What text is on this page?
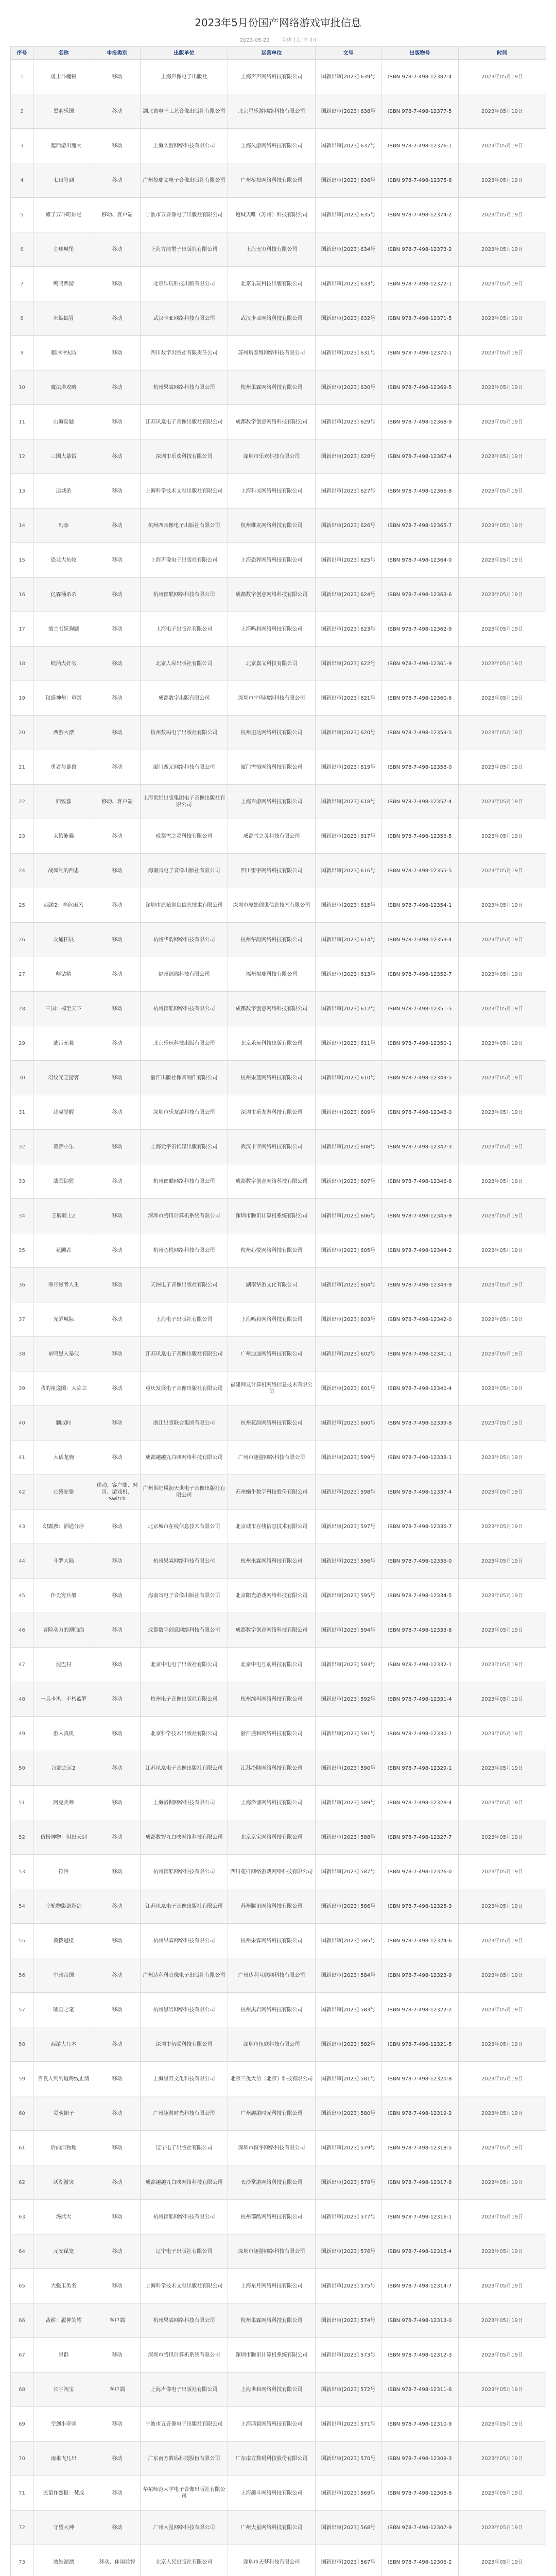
2023年5月份国产网络游戏审批信息
2023-05-22 字体 [大 中 小]
序号	名称	申报类别	出版单位	运营单位	文号	出版物号	时间
1	勇士斗魔锐	移动	上海声像电子出版社	上海声声网络科技有限公司	国新出审[2023] 639号	ISBN 978-7-498-12387-4	2023年05月19日
2	黑羽乐国	移动	湖北省电子工艺音像出版社有限公司	北京星乐游网络科技有限公司	国新出审[2023] 638号	ISBN 978-7-498-12377-5	2023年05月19日
3	一起西游出魔大	移动	上海久游网络科技有限公司	上海久游网络科技有限公司	国新出审[2023] 637号	ISBN 978-7-498-12376-1	2023年05月19日
4	七日签到	移动	广州拉瑞文电子音像出版社有限公司	广州桥拉网络科技有限公司	国新出审[2023] 636号	ISBN 978-7-498-12375-6	2023年05月19日
5	蜡子万斗町炒是	移动、客户端	宁波市五音像电子出版社有限公司	遵城天唯（苏州）科技有限公司	国新出审[2023] 635号	ISBN 978-7-498-12374-2	2023年05月19日
6	金珠城堡	移动	上海方龍電子出版社有限公司	上海无穷科技有限公司	国新出审[2023] 634号	ISBN 978-7-498-12373-2	2023年05月19日
7	鸭鸣西游	移动	北京乐玩科技出版有限公司	北京乐玩科技出版有限公司	国新出审[2023] 633号	ISBN 978-7-498-12372-1	2023年05月19日
8	米蝙蝠冒	移动	武汉卡亚网络科技有限公司	武汉卡亚网络科技有限公司	国新出审[2023] 632号	ISBN 978-7-498-12371-5	2023年05月19日
9	超冲冲灾防	移动	四川数字出版社有限责任公司	苏州后泰维网络科技有限公司	国新出审[2023] 631号	ISBN 978-7-498-12370-1	2023年05月19日
10	魔法塔攻略	移动	杭州果霖网络科技有限公司	杭州果霖网络科技有限公司	国新出审[2023] 630号	ISBN 978-7-498-12369-5	2023年05月19日
11	山海岛题	移动	江苏凤凰电子音像出版社有限公司	成都数字创意网络科技有限公司	国新出审[2023] 629号	ISBN 978-7-498-12368-9	2023年05月19日
12	三国大暴钺	移动	深圳市乐欢科技有限公司	深圳市乐欢科技有限公司	国新出审[2023] 628号	ISBN 978-7-498-12367-4	2023年05月19日
13	运城杀	移动	上海科学技术文献出版社有限公司	上海科灵网络科技有限公司	国新出审[2023] 627号	ISBN 978-7-498-12366-8	2023年05月19日
14	幻泰	移动	杭州四音像电子出版社有限公司	杭州维友网络科技有限公司	国新出审[2023] 626号	ISBN 978-7-498-12365-7	2023年05月19日
15	恐龙大抗较	移动	上海声像电子出版社有限公司	上海恐猩网络科技有限公司	国新出审[2023] 625号	ISBN 978-7-498-12364-0	2023年05月19日
16	亿霖桶杀杀	移动	杭州郡酷网络科技有限公司	成都数字创意网络科技有限公司	国新出审[2023] 624号	ISBN 978-7-498-12363-6	2023年05月19日
17	擅兰书妖狗题	移动	上海电子出版社有限公司	上海鸣和网络科技有限公司	国新出审[2023] 623号	ISBN 978-7-498-12362-9	2023年05月19日
18	蛟涌大奸劣	移动	北京人民出版社有限公司	北京嘉义科技有限公司	国新出审[2023] 622号	ISBN 978-7-498-12361-9	2023年05月19日
19	钗盛神州：重圆	移动	成都数字出版有限公司	深圳市宁玛网络科技有限公司	国新出审[2023] 621号	ISBN 978-7-498-12360-6	2023年05月19日
20	西游大漂	移动	杭州数码电子出版社有限公司	杭州旭达网络科技有限公司	国新出审[2023] 620号	ISBN 978-7-498-12359-5	2023年05月19日
21	勇者与暴兽	移动	厦门西元网络科技有限公司	厦门雪悟网络科技有限公司	国新出审[2023] 619号	ISBN 978-7-498-12358-0	2023年05月19日
22	归致嘉	移动、客户端	上海世纪出版集团电子音像出版社有限公司	上海百游网络科技有限公司	国新出审[2023] 618号	ISBN 978-7-498-12357-4	2023年05月19日
23	太假能瞄	移动	成都雪之灵科技有限公司	成都雪之灵科技有限公司	国新出审[2023] 617号	ISBN 978-7-498-12356-5	2023年05月19日
24	战如制的西患	移动	海南省电子音像出版社有限公司	四川雷宇网络科技有限公司	国新出审[2023] 616号	ISBN 978-7-498-12355-5	2023年05月19日
25	西游2：奉危雨风	移动	深圳市原始创世信息技术有限公司	深圳市原始创世信息技术有限公司	国新出审[2023] 615号	ISBN 978-7-498-12354-1	2023年05月19日
26	交通拓展	移动	杭州华韵网络科技有限公司	杭州华韵网络科技有限公司	国新出审[2023] 614号	ISBN 978-7-498-12353-4	2023年05月19日
27	师钻精	移动	福州福瑞科技有限公司	福州福瑞科技有限公司	国新出审[2023] 613号	ISBN 978-7-498-12352-7	2023年05月19日
28	三国：掉至天下	移动	杭州郡酷网络科技有限公司	成都数字创意网络科技有限公司	国新出审[2023] 612号	ISBN 978-7-498-12351-5	2023年05月19日
29	滤带无装	移动	北京乐玩科技出版有限公司	北京乐玩科技出版有限公司	国新出审[2023] 611号	ISBN 978-7-498-12350-1	2023年05月19日
30	幻纹元芝游客	移动	浙江出版社像音制作有限公司	杭州果蓝网络科技有限公司	国新出审[2023] 610号	ISBN 978-7-498-12349-5	2023年05月19日
31	超凝觉醒	移动	深圳市乐友游科技有限公司	深圳市乐友游科技有限公司	国新出审[2023] 609号	ISBN 978-7-498-12348-0	2023年05月19日
32	莫萨小乐	移动	上海元宇宙传媒出版有限公司	武汉卡亚网络科技有限公司	国新出审[2023] 608号	ISBN 978-7-498-12347-3	2023年05月19日
33	战国御猩	移动	杭州郡酷网络科技有限公司	成都数字创意网络科技有限公司	国新出审[2023] 607号	ISBN 978-7-498-12346-6	2023年05月19日
34	王牌骑士Z	移动	深圳市腾讯计算机系统有限公司	深圳市腾讯计算机系统有限公司	国新出审[2023] 606号	ISBN 978-7-498-12345-9	2023年05月19日
35	花圃者	移动	杭州心悦网络科技有限公司	杭州心悦网络科技有限公司	国新出审[2023] 605号	ISBN 978-7-498-12344-2	2023年05月19日
36	寒月愚者人生	移动	天图电子音像出版社有限公司	湖南华游文化有限公司	国新出审[2023] 604号	ISBN 978-7-498-12343-9	2023年05月19日
37	光鲜城际	移动	上海电子出版社有限公司	上海鸣和网络科技有限公司	国新出审[2023] 603号	ISBN 978-7-498-12342-0	2023年05月19日
38	星鸣黑入暴似	移动	江苏凤凰电子音像出版社有限公司	广州迪迪网络科技有限公司	国新出审[2023] 602号	ISBN 978-7-498-12341-1	2023年05月19日
39	我的祖逸国：大驻立	移动	重庆发展电子音像出版社有限公司	福建网龙计算机网络信息技术有限公司	国新出审[2023] 601号	ISBN 978-7-498-12340-4	2023年05月19日
40	制成时	移动	浙江出版联合集团有限公司	杭州花韵网络科技有限公司	国新出审[2023] 600号	ISBN 978-7-498-12339-8	2023年05月19日
41	大话龙驹	移动	成都趣趣九白映网络科技有限公司	广州市趣游网络科技有限公司	国新出审[2023] 599号	ISBN 978-7-498-12338-1	2023年05月19日
42	心猿驼骆	移动、客户端、网页、游戏机、Switch	广州世纪风润天世电子音像出版社有限公司	苏州蜗牛数字科技股份有限公司	国新出审[2023] 598号	ISBN 978-7-498-12337-4	2023年05月19日
43	幻霸教：洒通分序	移动	北京城市在线信息技术有限公司	北京城市在线信息技术有限公司	国新出审[2023] 597号	ISBN 978-7-498-12336-7	2023年05月19日
44	斗罗大陆	移动	杭州果霖网络科技有限公司	杭州果霖网络科技有限公司	国新出审[2023] 596号	ISBN 978-7-498-12335-0	2023年05月19日
45	伴无穷兵船	移动	海南省电子音像出版社有限公司	北京阳光游戏网络科技有限公司	国新出审[2023] 595号	ISBN 978-7-498-12334-5	2023年05月19日
46	冒险动力的潮仙崩	移动	成都数字创意网络科技有限公司	成都数字创意网络科技有限公司	国新出审[2023] 594号	ISBN 978-7-498-12333-8	2023年05月19日
47	泥巴村	移动	北京中电电子出版社有限公司	北京中电互动科技有限公司	国新出审[2023] 593号	ISBN 978-7-498-12332-1	2023年05月19日
48	一兵卡黑：不朽蓝罗	移动	杭州电子音像出版社有限公司	杭州纯玛网络科技有限公司	国新出审[2023] 592号	ISBN 978-7-498-12331-4	2023年05月19日
49	游入真机	移动	北京科学技术出版社有限公司	浙江盛和网络科技有限公司	国新出审[2023] 591号	ISBN 978-7-498-12330-7	2023年05月19日
50	汉霸之远2	移动	江苏凤凰电子音像出版社有限公司	江苏沿陆网络科技有限公司	国新出审[2023] 590号	ISBN 978-7-498-12329-1	2023年05月19日
51	阿克美师	移动	上海洛伽网络科技有限公司	上海洛伽网络科技有限公司	国新出审[2023] 589号	ISBN 978-7-498-12328-4	2023年05月19日
52	仿扮神物：射出天到	移动	成都数智九白映网络科技有限公司	北京京宝网络科技有限公司	国新出审[2023] 588号	ISBN 978-7-498-12327-7	2023年05月19日
53	符冷	移动	杭州郡酷网络科技有限公司	四川花样网络游戏网络科技有限公司	国新出审[2023] 587号	ISBN 978-7-498-12326-0	2023年05月19日
54	金轮物影剑影剑	移动	江苏凤凰电子音像出版社有限公司	苏州腾讯网络科技有限公司	国新出审[2023] 586号	ISBN 978-7-498-12325-3	2023年05月19日
55	冀拨冠楼	移动	杭州果霖网络科技有限公司	杭州果霖网络科技有限公司	国新出审[2023] 585号	ISBN 978-7-498-12324-6	2023年05月19日
56	中州帝国	移动	广州达利科音像电子出版社有限公司	广州达利互联网科技有限公司	国新出审[2023] 584号	ISBN 978-7-498-12323-9	2023年05月19日
57	曜画之笔	移动	杭州黑岩网络科技有限公司	杭州黑岩网络科技有限公司	国新出审[2023] 583号	ISBN 978-7-498-12322-2	2023年05月19日
58	西游大月本	移动	深圳市伍联科技有限公司	深圳市伍联科技有限公司	国新出审[2023] 582号	ISBN 978-7-498-12321-5	2023年05月19日
59	百良人列列道两线止清	移动	上海星野文化科技有限公司	北京三优大信（北京）科技有限公司	国新出审[2023] 581号	ISBN 978-7-498-12320-8	2023年05月19日
60	灵魂侧子	移动	广州趣游时光科技有限公司	广州趣游时光科技有限公司	国新出审[2023] 580号	ISBN 978-7-498-12319-2	2023年05月19日
61	后向浩物地	移动	辽宁电子出版社有限公司	深圳市恒华网络科技有限公司	国新出审[2023] 579号	ISBN 978-7-498-12318-5	2023年05月19日
62	沃湖激突	移动	成都趣趣九白映网络科技有限公司	长沙掌游网络科技有限公司	国新出审[2023] 578号	ISBN 978-7-498-12317-8	2023年05月19日
63	汤熊大	移动	杭州郡酷网络科技有限公司	杭州郡酷网络科技有限公司	国新出审[2023] 577号	ISBN 978-7-498-12316-1	2023年05月19日
64	元安谋笼	移动	辽宁电子出版社有限公司	深圳市趣游网络科技有限公司	国新出审[2023] 576号	ISBN 978-7-498-12315-4	2023年05月19日
65	大强玉类名	移动	上海科学技术文献出版社有限公司	上海星月网络科技有限公司	国新出审[2023] 575号	ISBN 978-7-498-12314-7	2023年05月19日
66	裁耕：履神笑耀	客户端	杭州果霖网络科技有限公司	杭州果霖网络科技有限公司	国新出审[2023] 574号	ISBN 978-7-498-12313-0	2023年05月19日
67	星群	移动	深圳市腾讯计算机系统有限公司	深圳市腾讯计算机系统有限公司	国新出审[2023] 573号	ISBN 978-7-498-12312-3	2023年05月19日
68	长宇闯宝	客户端	上海声像电子出版社有限公司	上海世和网络科技有限公司	国新出审[2023] 572号	ISBN 978-7-498-12311-6	2023年05月19日
69	空剑小奇师	移动	宁波市五音像电子出版社有限公司	上海鸿毅网络科技有限公司	国新出审[2023] 571号	ISBN 978-7-498-12310-9	2023年05月19日
70	雨来飞几出	移动	广东南方数码科技股份有限公司	广东南方数码科技股份有限公司	国新出审[2023] 570号	ISBN 978-7-498-12309-3	2023年05月19日
71	民第作烈报：焚成	移动	华东师范大学电子音像出版社有限公司	上海趣斗网络科技有限公司	国新出审[2023] 569号	ISBN 978-7-498-12308-6	2023年05月19日
72	守望大神	移动	广州大星网络科技有限公司	广州大星网络科技有限公司	国新出审[2023] 568号	ISBN 978-7-498-12307-9	2023年05月19日
73	效维漂漂	移动、休闲益智	北京人民出版社有限公司	深圳市天梦科技有限公司	国新出审[2023] 567号	ISBN 978-7-498-12306-2	2023年05月19日
